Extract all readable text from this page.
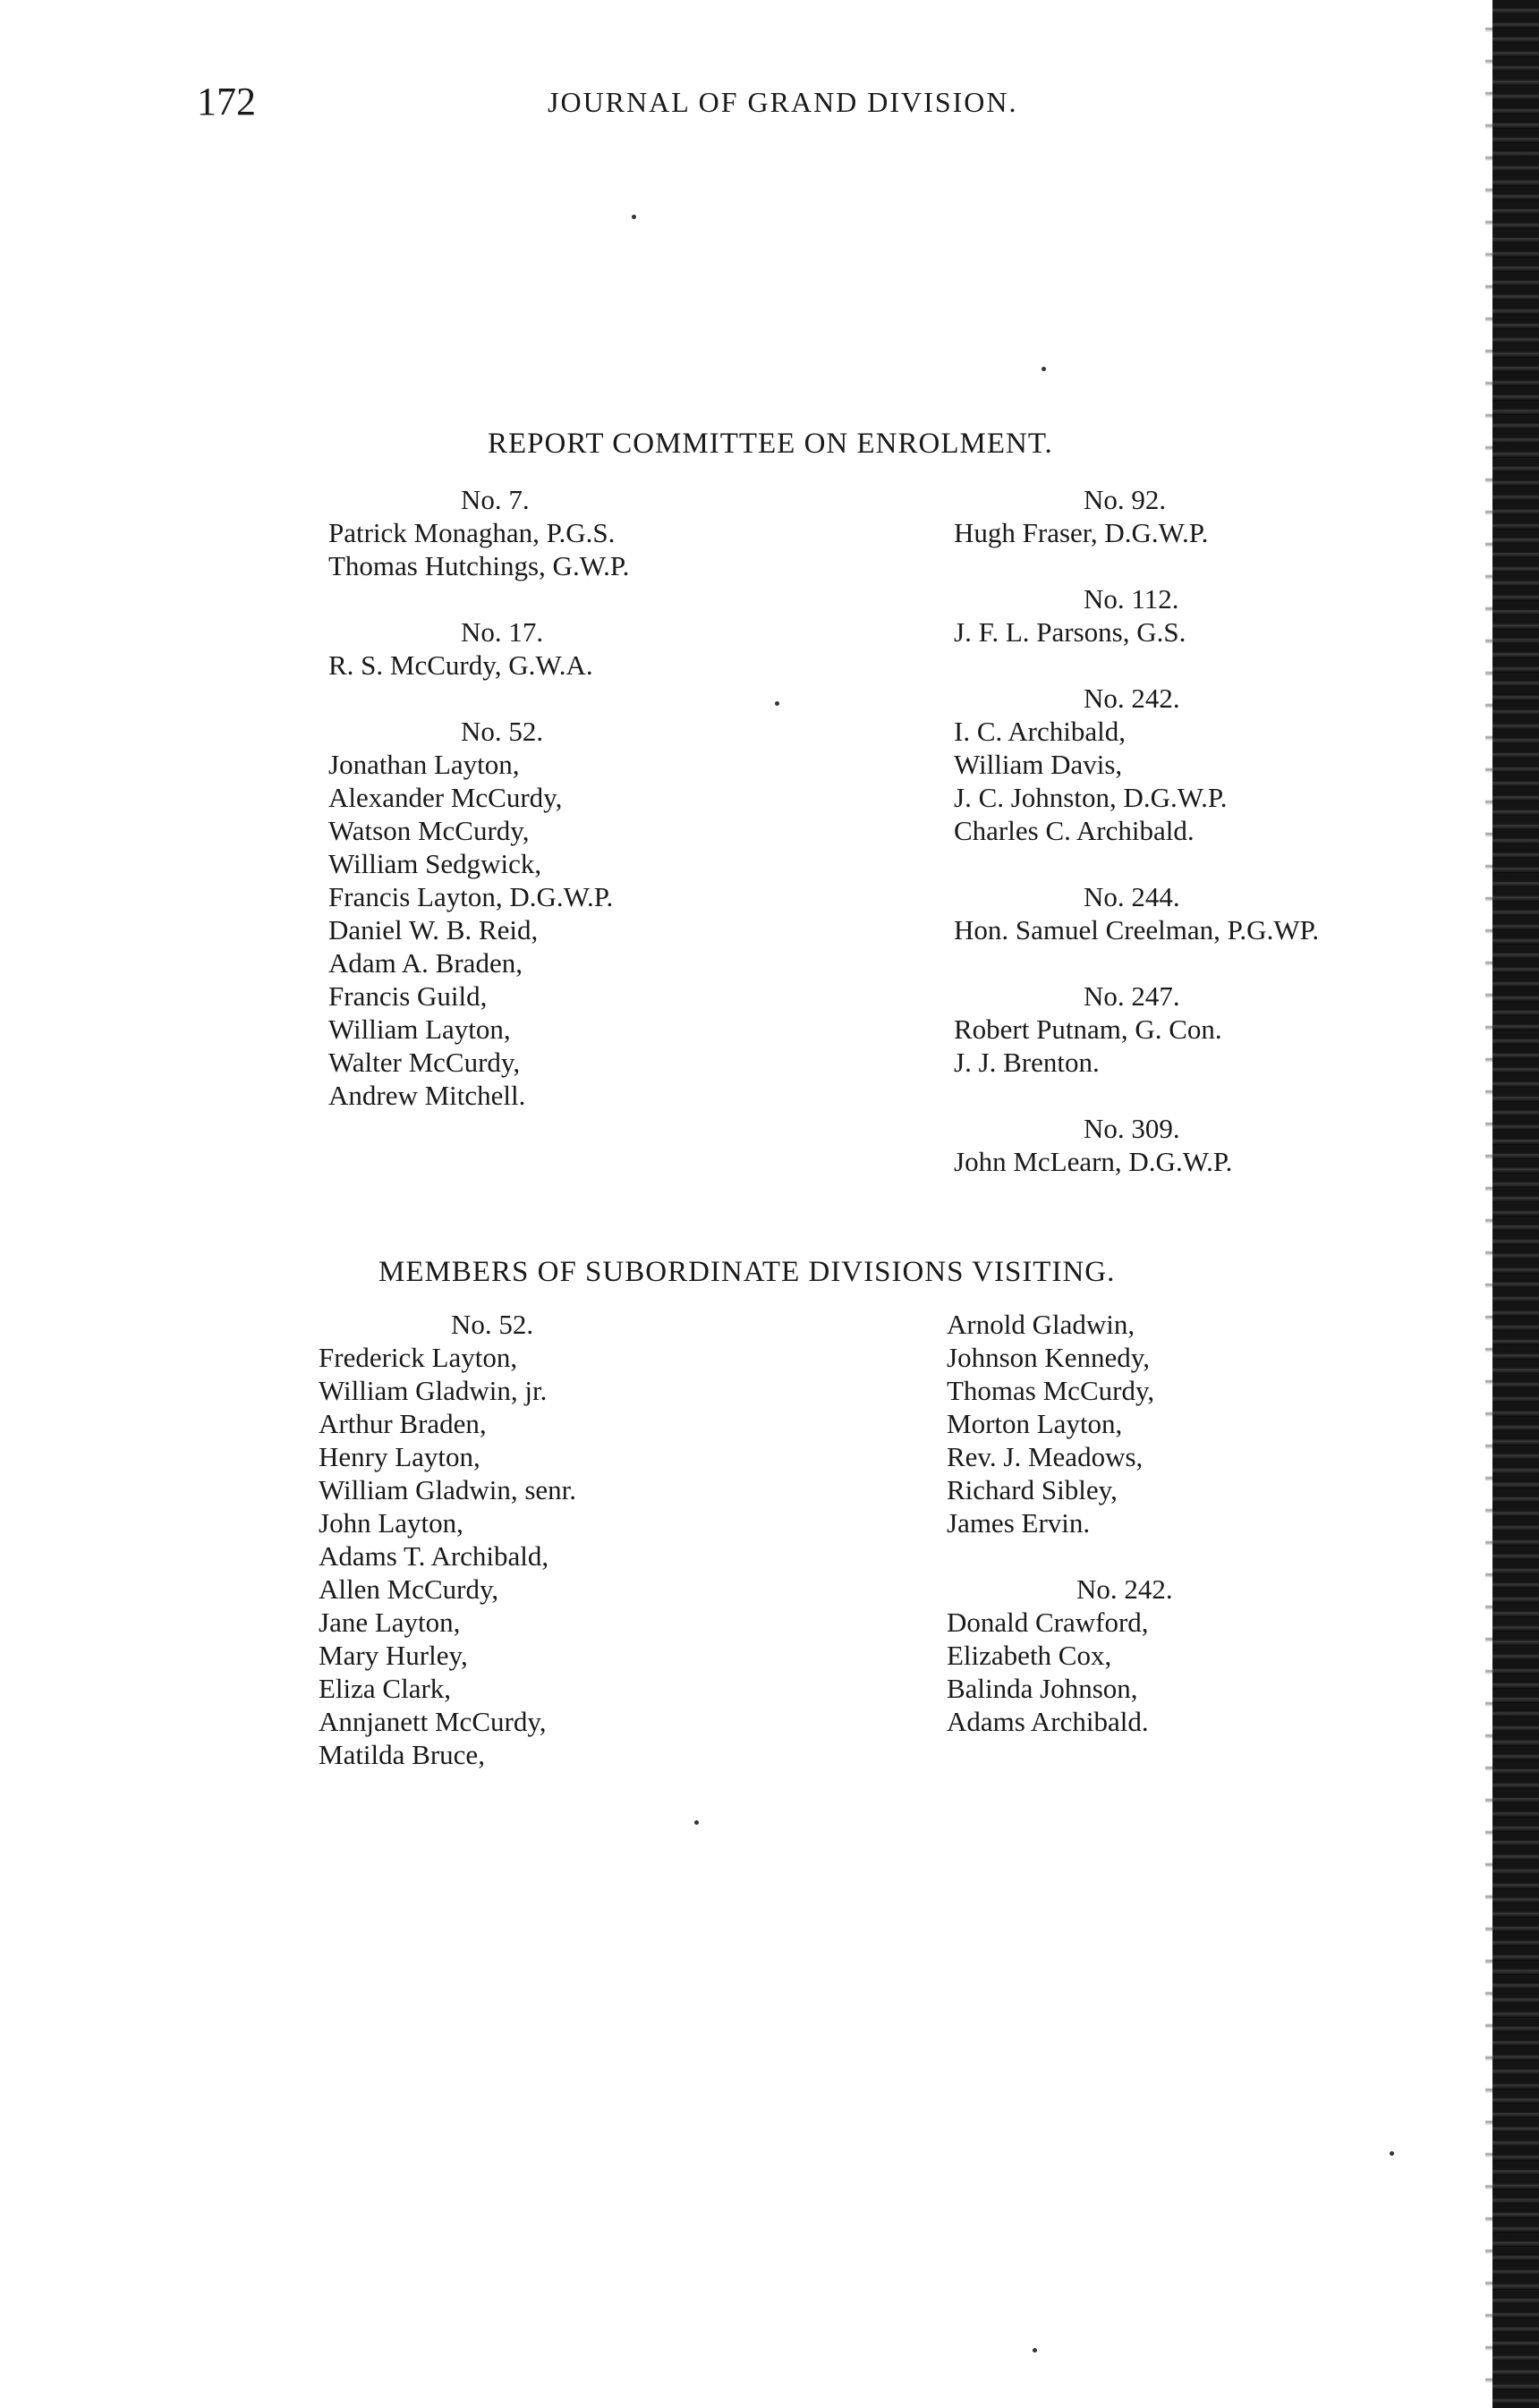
172	JOURNAL OF GRAND DIVISION.
REPORT COMMITTEE ON ENROLMENT.
No. 7.
Patrick Monaghan, P.G.S.
Thomas Hutchings, G.W.P.
No. 17.
R. S. McCurdy, G.W.A.
No. 52.
Jonathan Layton,
Alexander McCurdy,
Watson McCurdy,
William Sedgwick,
Francis Layton, D.G.W.P.
Daniel W. B. Reid,
Adam A. Braden,
Francis Guild,
William Layton,
Walter McCurdy,
Andrew Mitchell.
No. 92.
Hugh Fraser, D.G.W.P.
No. 112.
J. F. L. Parsons, G.S.
No. 242.
I. C. Archibald,
William Davis,
J. C. Johnston, D.G.W.P.
Charles C. Archibald.
No. 244.
Hon. Samuel Creelman, P.G.WP.
No. 247.
Robert Putnam, G. Con.
J. J. Brenton.
No. 309.
John McLearn, D.G.W.P.
MEMBERS OF SUBORDINATE DIVISIONS VISITING.
No. 52.
Frederick Layton,
William Gladwin, jr.
Arthur Braden,
Henry Layton,
William Gladwin, senr.
John Layton,
Adams T. Archibald,
Allen McCurdy,
Jane Layton,
Mary Hurley,
Eliza Clark,
Annjanett McCurdy,
Matilda Bruce,
Arnold Gladwin,
Johnson Kennedy,
Thomas McCurdy,
Morton Layton,
Rev. J. Meadows,
Richard Sibley,
James Ervin.
No. 242.
Donald Crawford,
Elizabeth Cox,
Balinda Johnson,
Adams Archibald.
